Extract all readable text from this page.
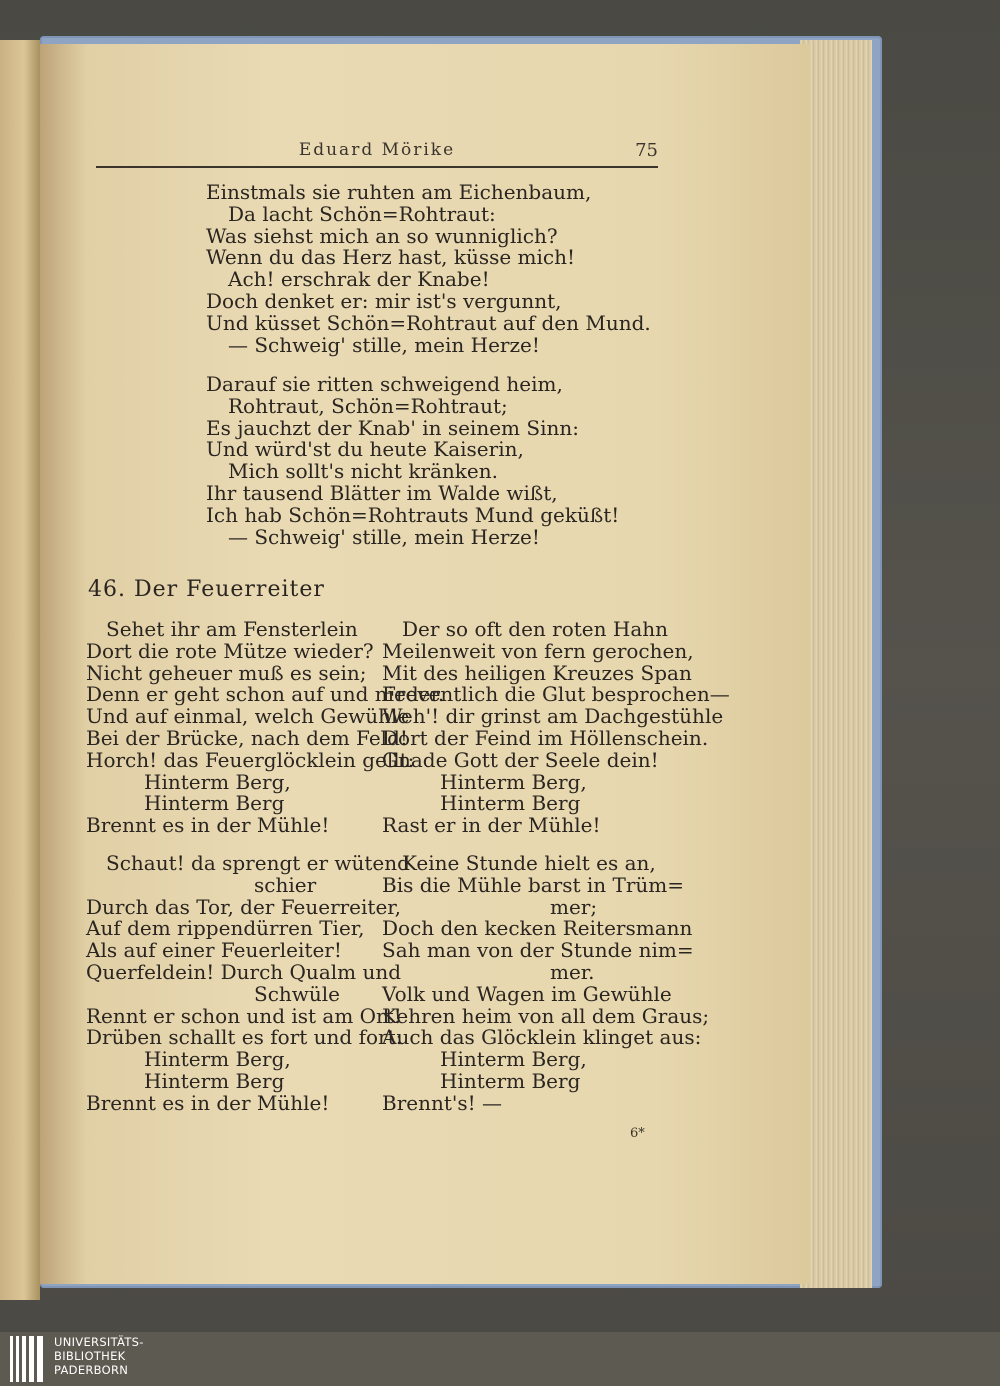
Eduard Mörike	75
Einstmals sie ruhten am Eichenbaum,
Da lacht Schön=Rohtraut:
Was siehst mich an so wunniglich?
Wenn du das Herz hast, küsse mich!
Ach! erschrak der Knabe!
Doch denket er: mir ist's vergunnt,
Und küsset Schön=Rohtraut auf den Mund.
— Schweig' stille, mein Herze!
Darauf sie ritten schweigend heim,
Rohtraut, Schön=Rohtraut;
Es jauchzt der Knab' in seinem Sinn:
Und würd'st du heute Kaiserin,
Mich sollt's nicht kränken.
Ihr tausend Blätter im Walde wißt,
Ich hab Schön=Rohtrauts Mund geküßt!
— Schweig' stille, mein Herze!
46. Der Feuerreiter
Sehet ihr am Fensterlein
Dort die rote Mütze wieder?
Nicht geheuer muß es sein;
Denn er geht schon auf und nieder.
Und auf einmal, welch Gewühle
Bei der Brücke, nach dem Feld!
Horch! das Feuerglöcklein gellt:
Hinterm Berg,
Hinterm Berg
Brennt es in der Mühle!
Schaut! da sprengt er wütend
schier
Durch das Tor, der Feuerreiter,
Auf dem rippendürren Tier,
Als auf einer Feuerleiter!
Querfeldein! Durch Qualm und
Schwüle
Rennt er schon und ist am Ort!
Drüben schallt es fort und fort:
Hinterm Berg,
Hinterm Berg
Brennt es in der Mühle!
Der so oft den roten Hahn
Meilenweit von fern gerochen,
Mit des heiligen Kreuzes Span
Freventlich die Glut besprochen—
Weh'! dir grinst am Dachgestühle
Dort der Feind im Höllenschein.
Gnade Gott der Seele dein!
Hinterm Berg,
Hinterm Berg
Rast er in der Mühle!
Keine Stunde hielt es an,
Bis die Mühle barst in Trüm=
mer;
Doch den kecken Reitersmann
Sah man von der Stunde nim=
mer.
Volk und Wagen im Gewühle
Kehren heim von all dem Graus;
Auch das Glöcklein klinget aus:
Hinterm Berg,
Hinterm Berg
Brennt's! —
6*
UNIVERSITÄTS-
BIBLIOTHEK
PADERBORN
